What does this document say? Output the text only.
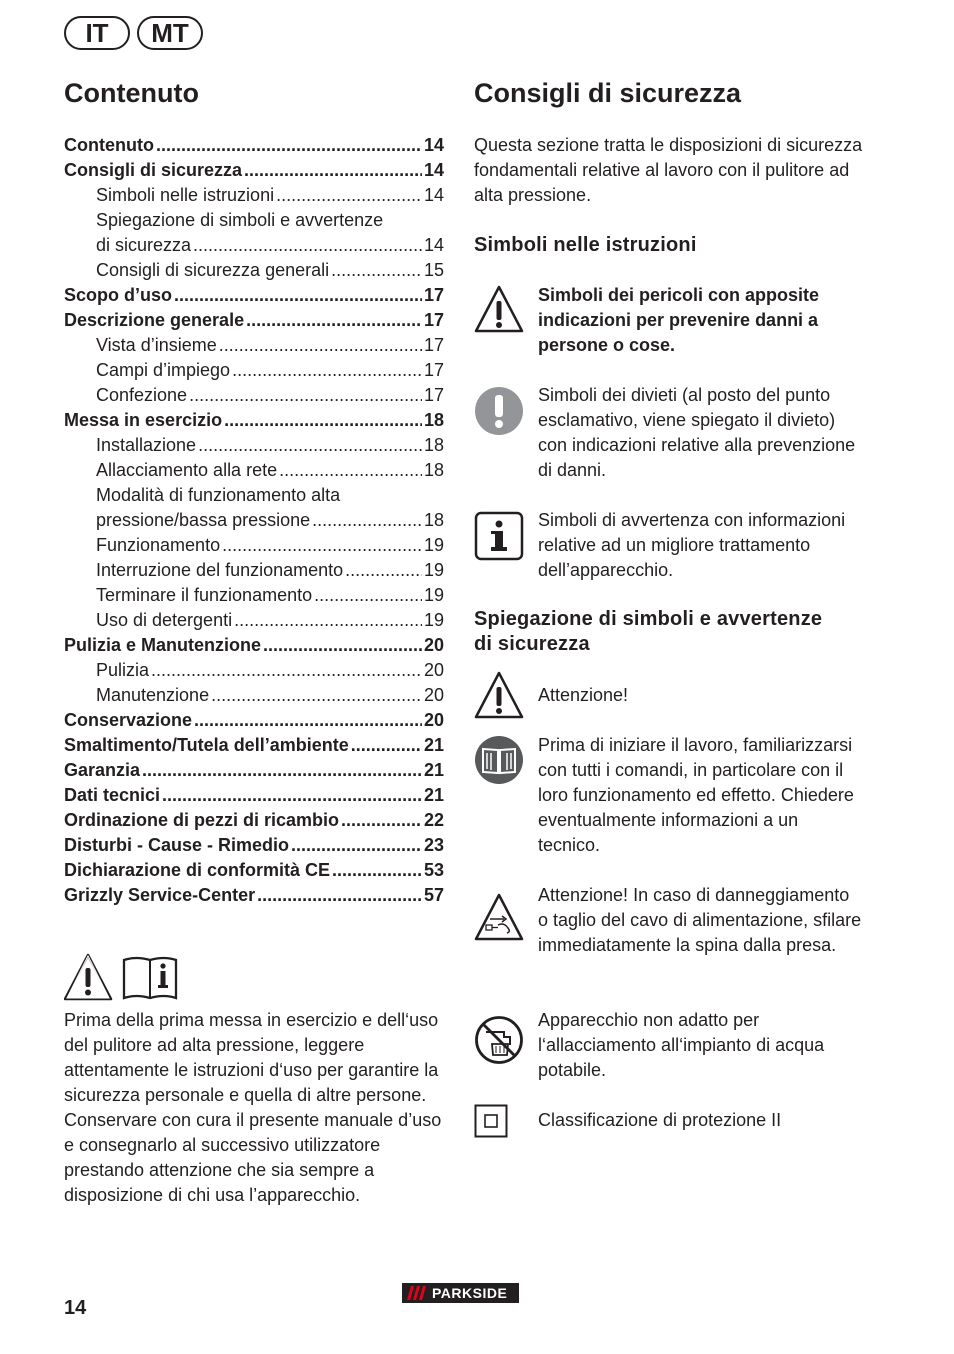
IT	MT
Contenuto
Contenuto .....	14
Consigli di sicurezza .....	14
Simboli nelle istruzioni .....	14
Spiegazione di simboli e avvertenze
di sicurezza .....	14
Consigli di sicurezza generali .....	15
Scopo d’uso .....	17
Descrizione generale .....	17
Vista d’insieme .....	17
Campi d’impiego .....	17
Confezione .....	17
Messa in esercizio .....	18
Installazione .....	18
Allacciamento alla rete .....	18
Modalità di funzionamento alta
pressione/bassa pressione .....	18
Funzionamento .....	19
Interruzione del funzionamento .....	19
Terminare il funzionamento .....	19
Uso di detergenti .....	19
Pulizia e Manutenzione .....	20
Pulizia .....	20
Manutenzione .....	20
Conservazione .....	20
Smaltimento/Tutela dell’ambiente .....	21
Garanzia .....	21
Dati tecnici .....	21
Ordinazione di pezzi di ricambio .....	22
Disturbi - Cause - Rimedio .....	23
Dichiarazione di conformità CE .....	53
Grizzly Service-Center .....	57

Prima della prima messa in esercizio e dell‘uso del pulitore ad alta pressione, leggere attentamente le istruzioni d‘uso per garantire la sicurezza personale e quella di altre persone. Conservare con cura il presente manuale d’uso e consegnarlo al successivo utilizzatore prestando attenzione che sia sempre a disposizione di chi usa l’apparecchio.

Consigli di sicurezza

Questa sezione tratta le disposizioni di sicurezza fondamentali relative al lavoro con il pulitore ad alta pressione.

Simboli nelle istruzioni

Simboli dei pericoli con apposite indicazioni per prevenire danni a persone o cose.

Simboli dei divieti (al posto del punto esclamativo, viene spiegato il divieto) con indicazioni relative alla prevenzione di danni.

Simboli di avvertenza con informazioni relative ad un migliore trattamento dell’apparecchio.

Spiegazione di simboli e avvertenze di sicurezza

Attenzione!

Prima di iniziare il lavoro, familiarizzarsi con tutti i comandi, in particolare con il loro funzionamento ed effetto. Chiedere eventualmente informazioni a un tecnico.

Attenzione! In caso di danneggiamento o taglio del cavo di alimentazione, sfilare immediatamente la spina dalla presa.

Apparecchio non adatto per l‘allacciamento all‘impianto di acqua potabile.

Classificazione di protezione II

14
PARKSIDE
